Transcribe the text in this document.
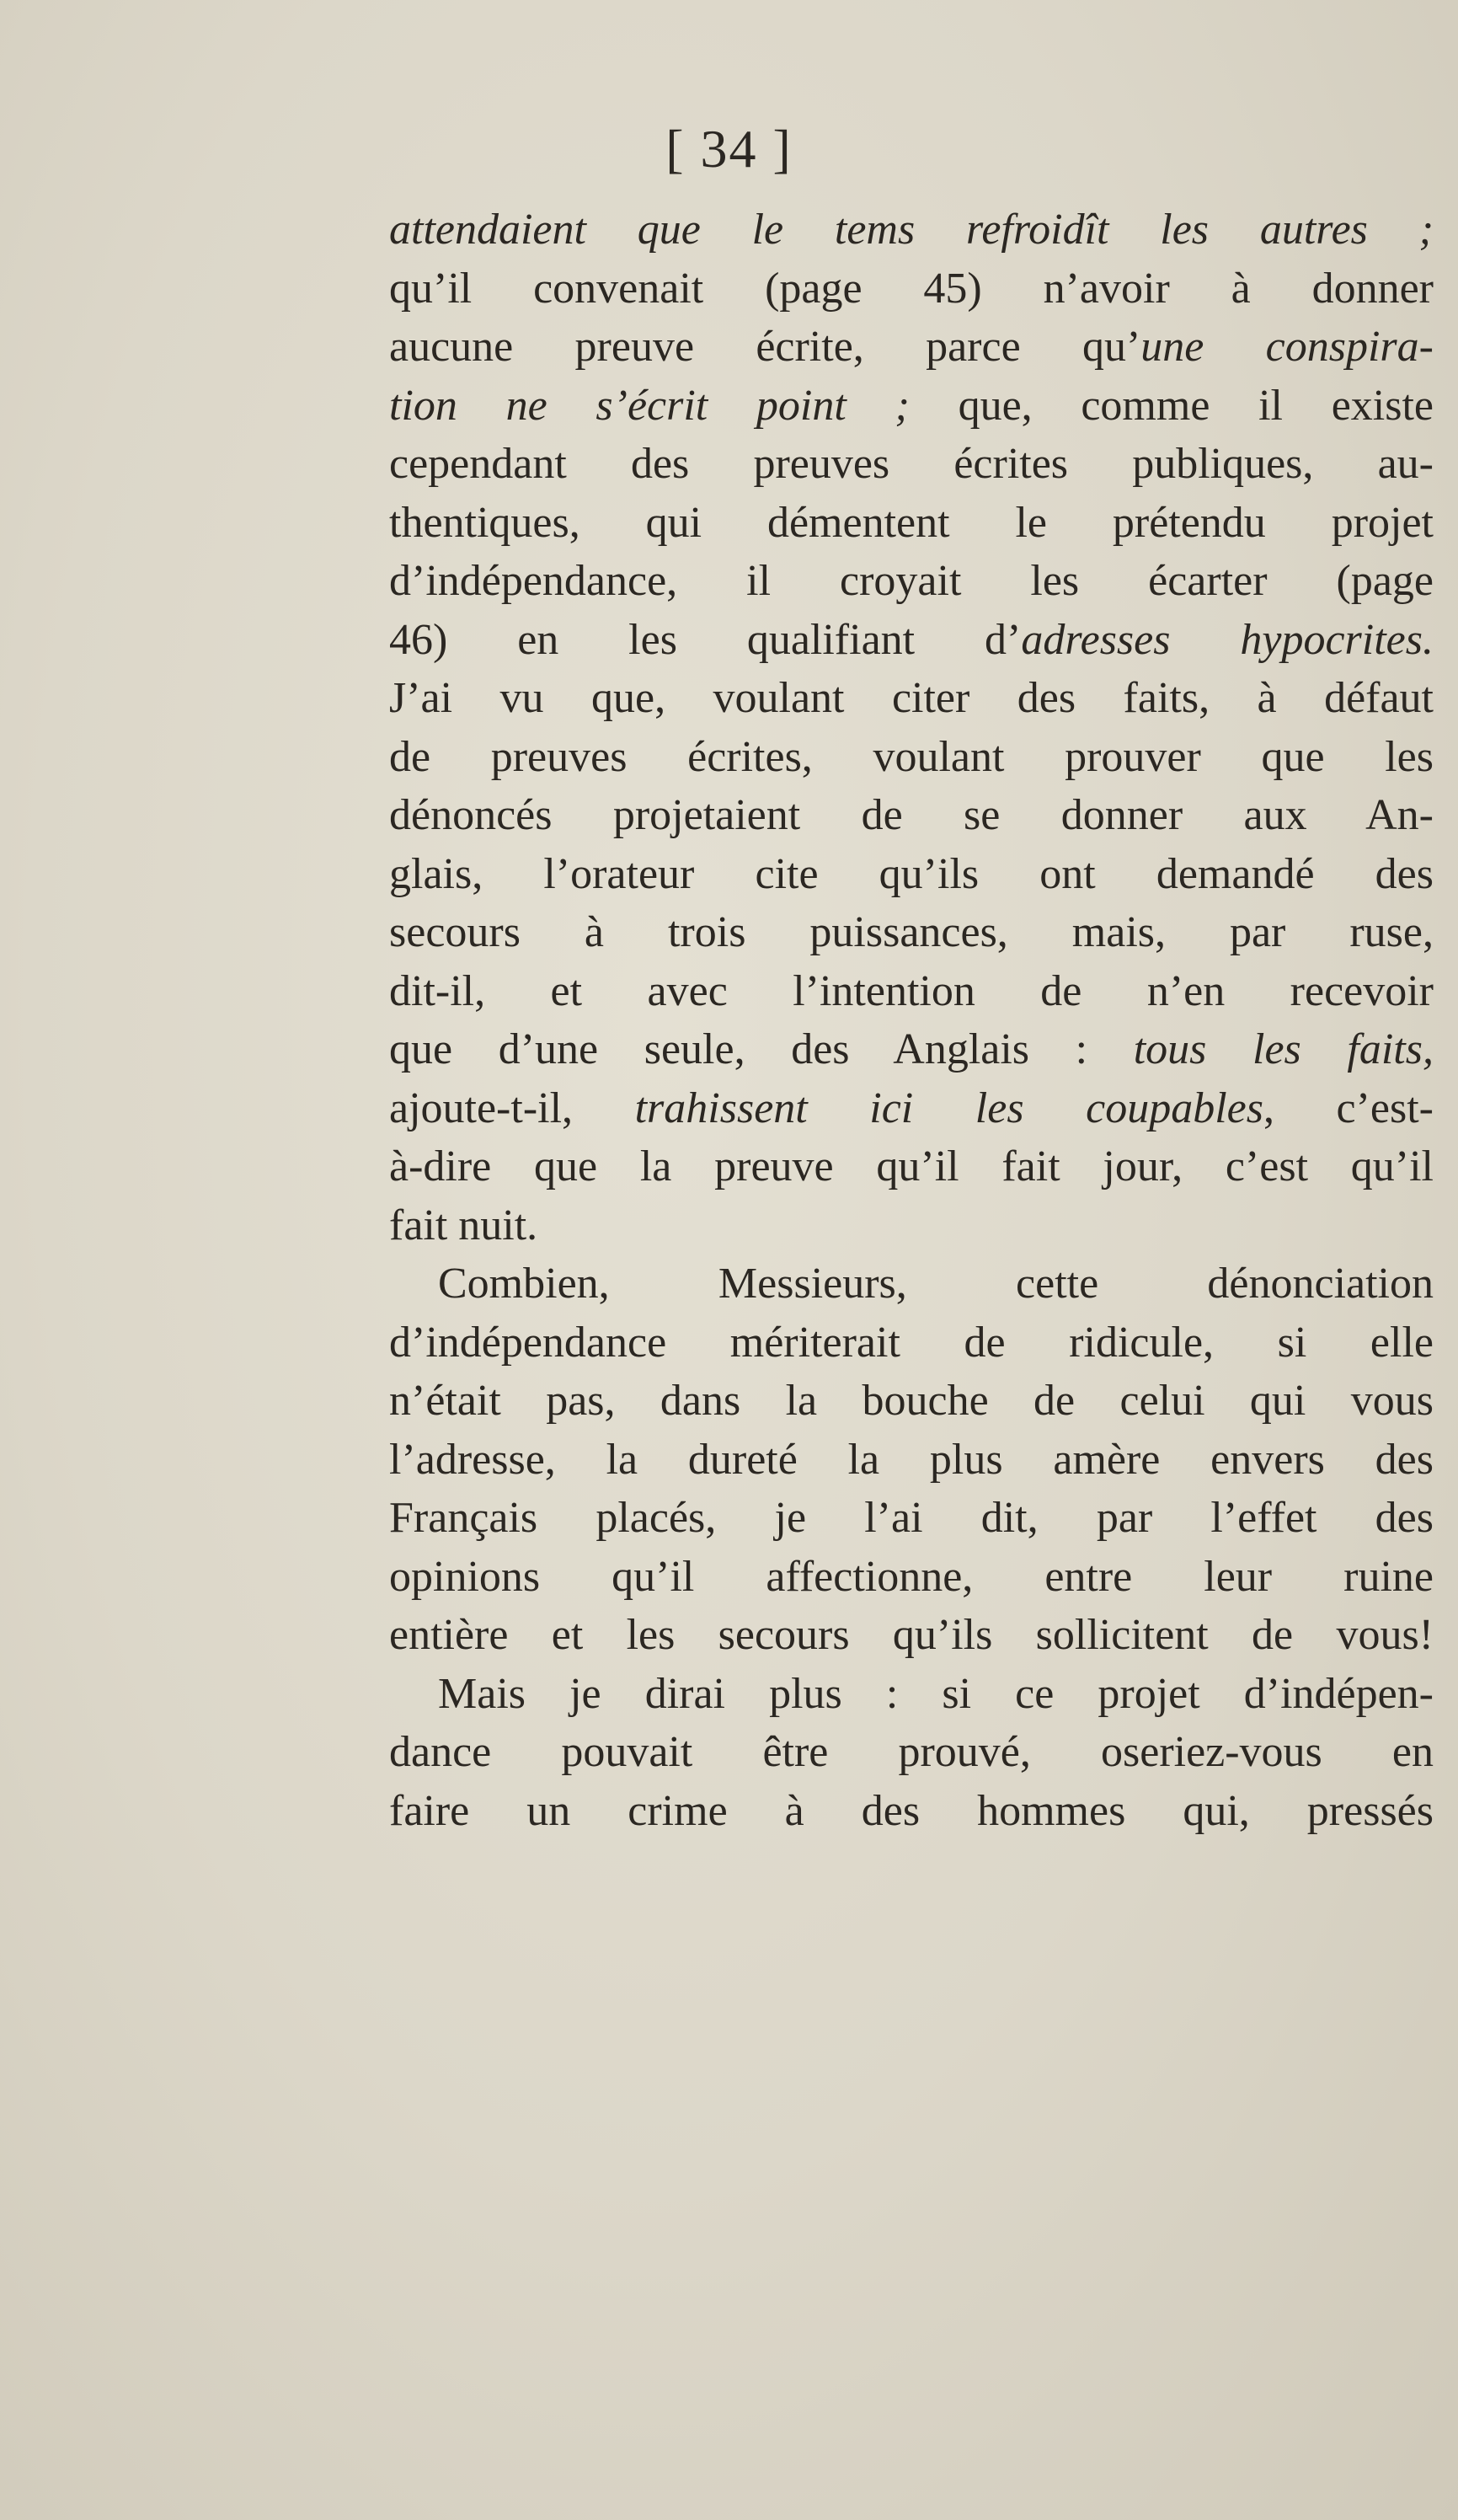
[ 34 ]
attendaient que le tems refroidît les autres ;
qu’il convenait (page 45) n’avoir à donner
aucune preuve écrite, parce qu’une conspira-
tion ne s’écrit point ; que, comme il existe
cependant des preuves écrites publiques, au-
thentiques, qui démentent le prétendu projet
d’indépendance, il croyait les écarter (page
46) en les qualifiant d’adresses hypocrites.
J’ai vu que, voulant citer des faits, à défaut
de preuves écrites, voulant prouver que les
dénoncés projetaient de se donner aux An-
glais, l’orateur cite qu’ils ont demandé des
secours à trois puissances, mais, par ruse,
dit-il, et avec l’intention de n’en recevoir
que d’une seule, des Anglais : tous les faits,
ajoute-t-il, trahissent ici les coupables, c’est-
à-dire que la preuve qu’il fait jour, c’est qu’il
fait nuit.
Combien, Messieurs, cette dénonciation
d’indépendance mériterait de ridicule, si elle
n’était pas, dans la bouche de celui qui vous
l’adresse, la dureté la plus amère envers des
Français placés, je l’ai dit, par l’effet des
opinions qu’il affectionne, entre leur ruine
entière et les secours qu’ils sollicitent de vous!
Mais je dirai plus : si ce projet d’indépen-
dance pouvait être prouvé, oseriez-vous en
faire un crime à des hommes qui, pressés
